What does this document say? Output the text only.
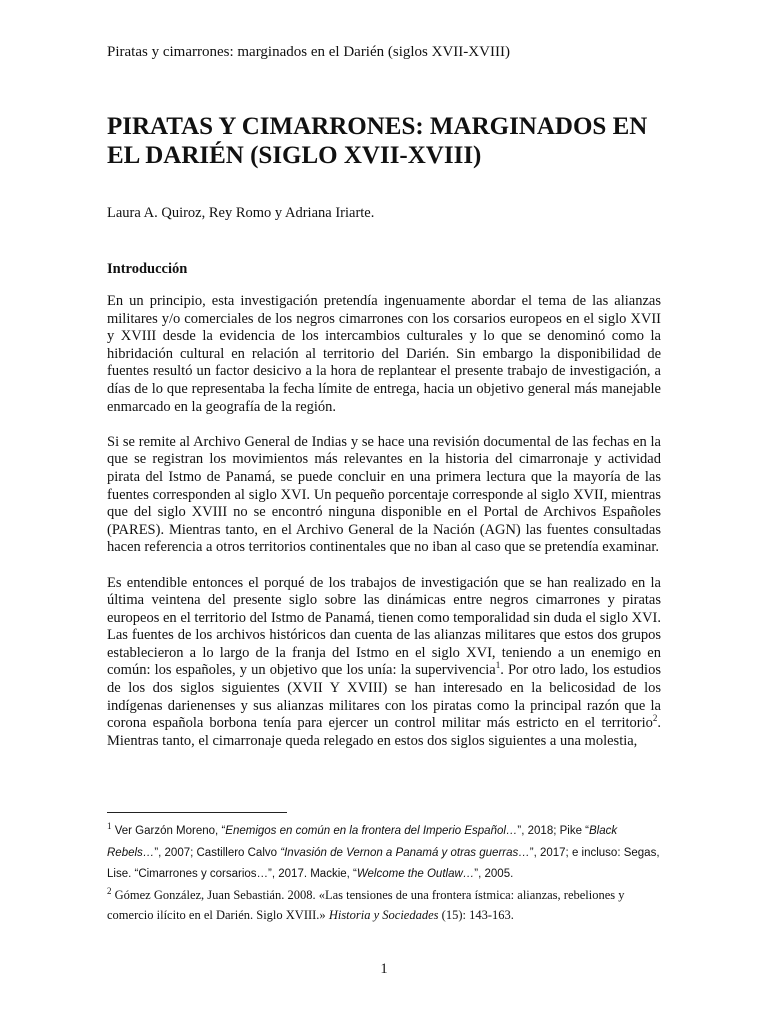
Piratas y cimarrones: marginados en el Darién (siglos XVII-XVIII)
PIRATAS Y CIMARRONES: MARGINADOS EN
EL DARIÉN (SIGLO XVII-XVIII)
Laura A. Quiroz, Rey Romo y Adriana Iriarte.
Introducción

En un principio, esta investigación pretendía ingenuamente abordar el tema de las alianzas militares y/o comerciales de los negros cimarrones con los corsarios europeos en el siglo XVII y XVIII desde la evidencia de los intercambios culturales y lo que se denominó como la hibridación cultural en relación al territorio del Darién. Sin embargo la disponibilidad de fuentes resultó un factor desicivo a la hora de replantear el presente trabajo de investigación, a días de lo que representaba la fecha límite de entrega, hacia un objetivo general más manejable enmarcado en la geografía de la región.

Si se remite al Archivo General de Indias y se hace una revisión documental de las fechas en la que se registran los movimientos más relevantes en la historia del cimarronaje y actividad pirata del Istmo de Panamá, se puede concluir en una primera lectura que la mayoría de las fuentes corresponden al siglo XVI. Un pequeño porcentaje corresponde al siglo XVII, mientras que del siglo XVIII no se encontró ninguna disponible en el Portal de Archivos Españoles (PARES). Mientras tanto, en el Archivo General de la Nación (AGN) las fuentes consultadas hacen referencia a otros territorios continentales que no iban al caso que se pretendía examinar.

Es entendible entonces el porqué de los trabajos de investigación que se han realizado en la última veintena del presente siglo sobre las dinámicas entre negros cimarrones y piratas europeos en el territorio del Istmo de Panamá, tienen como temporalidad sin duda el siglo XVI. Las fuentes de los archivos históricos dan cuenta de las alianzas militares que estos dos grupos establecieron a lo largo de la franja del Istmo en el siglo XVI, teniendo a un enemigo en común: los españoles, y un objetivo que los unía: la supervivencia$^1$. Por otro lado, los estudios de los dos siglos siguientes (XVII Y XVIII) se han interesado en la belicosidad de los indígenas darienenses y sus alianzas militares con los piratas como la principal razón que la corona española borbona tenía para ejercer un control militar más estricto en el territorio$^2$. Mientras tanto, el cimarronaje queda relegado en estos dos siglos siguientes a una molestia,

$^1$ Ver Garzón Moreno, “Enemigos en común en la frontera del Imperio Español…”, 2018; Pike “Black Rebels…”, 2007; Castillero Calvo “Invasión de Vernon a Panamá y otras guerras…”, 2017; e incluso: Segas, Lise. “Cimarrones y corsarios…”, 2017. Mackie, “Welcome the Outlaw…”, 2005.

$^2$ Gómez González, Juan Sebastián. 2008. «Las tensiones de una frontera ístmica: alianzas, rebeliones y comercio ilícito en el Darién. Siglo XVIII.» Historia y Sociedades (15): 143-163.

1
